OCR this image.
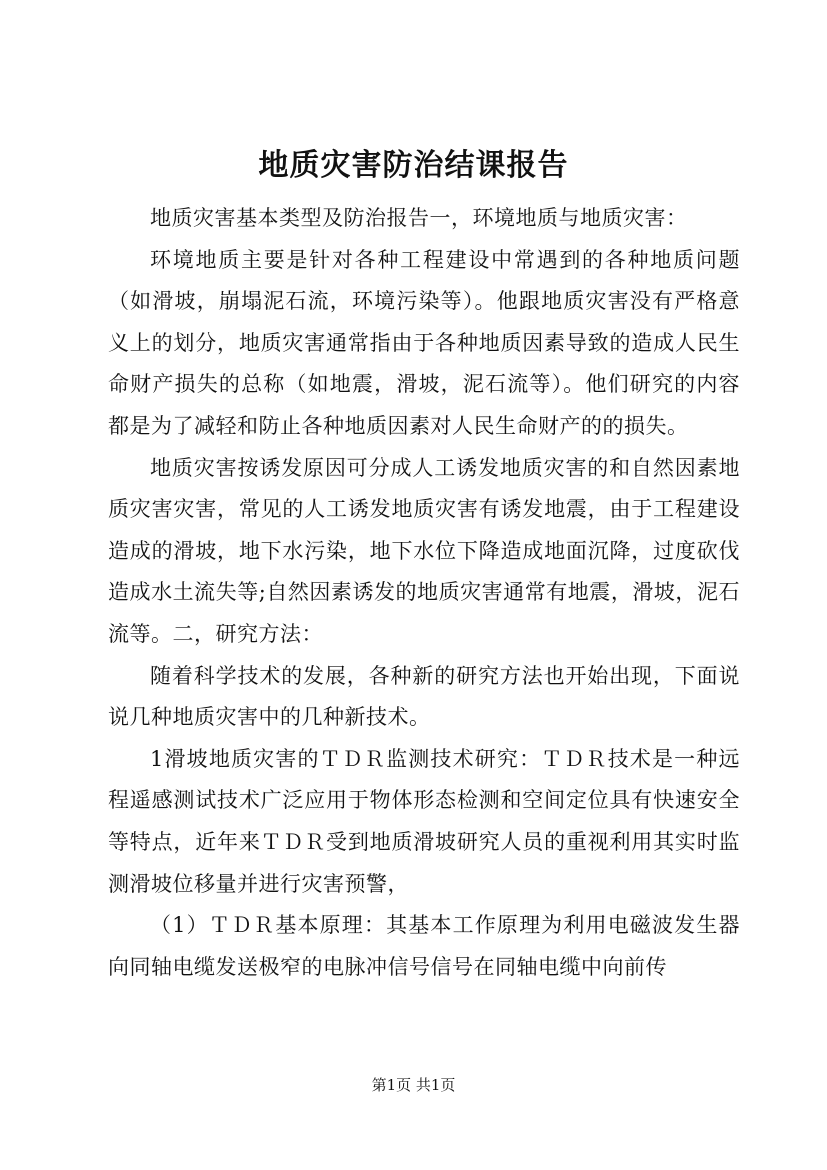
地质灾害防治结课报告

地质灾害基本类型及防治报告一，环境地质与地质灾害：

环境地质主要是针对各种工程建设中常遇到的各种地质问题（如滑坡，崩塌泥石流，环境污染等）。他跟地质灾害没有严格意义上的划分，地质灾害通常指由于各种地质因素导致的造成人民生命财产损失的总称（如地震，滑坡，泥石流等）。他们研究的内容都是为了减轻和防止各种地质因素对人民生命财产的的损失。

地质灾害按诱发原因可分成人工诱发地质灾害的和自然因素地质灾害灾害，常见的人工诱发地质灾害有诱发地震，由于工程建设造成的滑坡，地下水污染，地下水位下降造成地面沉降，过度砍伐造成水土流失等;自然因素诱发的地质灾害通常有地震，滑坡，泥石流等。二，研究方法：

随着科学技术的发展，各种新的研究方法也开始出现，下面说说几种地质灾害中的几种新技术。

1滑坡地质灾害的ＴＤＲ监测技术研究：ＴＤＲ技术是一种远程遥感测试技术广泛应用于物体形态检测和空间定位具有快速安全等特点，近年来ＴＤＲ受到地质滑坡研究人员的重视利用其实时监测滑坡位移量并进行灾害预警，

（1）ＴＤＲ基本原理：其基本工作原理为利用电磁波发生器向同轴电缆发送极窄的电脉冲信号信号在同轴电缆中向前传

第1页 共1页
